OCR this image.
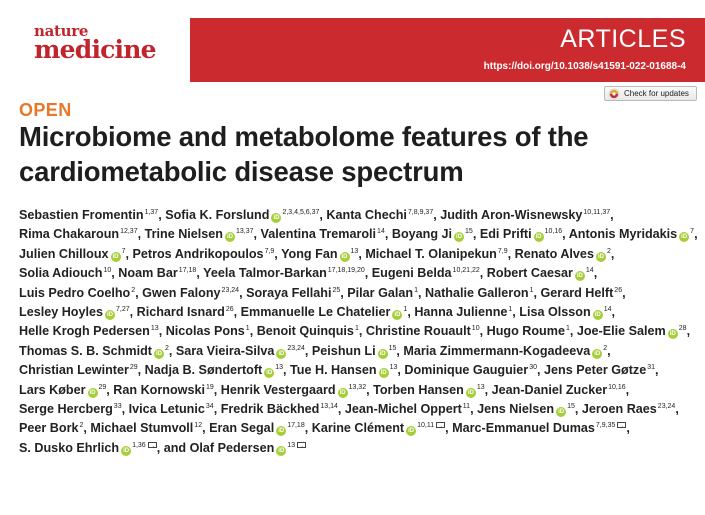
nature
medicine	ARTICLES
https://doi.org/10.1038/s41591-022-01688-4
Check for updates
OPEN
Microbiome and metabolome features of the cardiometabolic disease spectrum
Sebastien Fromentin$^{1,37}$, Sofia K. Forslund iD$^{2,3,4,5,6,37}$, Kanta Chechi$^{7,8,9,37}$, Judith Aron-Wisnewsky$^{10,11,37}$, Rima Chakaroun$^{12,37}$, Trine Nielsen iD$^{13,37}$, Valentina Tremaroli$^{14}$, Boyang Ji $iD^{15}$, Edi Prifti iD$^{10,16}$, Antonis Myridakis $iD^7$, Julien Chilloux $iD^7$, Petros Andrikopoulos$^{7,9}$, Yong Fan $iD^{13}$, Michael T. Olanipekun$^{7,9}$, Renato Alves $iD^2$, Solia Adiouch$^{10}$, Noam Bar$^{17,18}$, Yeela Talmor-Barkan$^{17,18,19,20}$, Eugeni Belda$^{10,21,22}$, Robert Caesar $iD^{14}$, Luis Pedro Coelho$^2$, Gwen Falony$^{23,24}$, Soraya Fellahi$^{25}$, Pilar Galan$^1$, Nathalie Galleron$^1$, Gerard Helft$^{26}$, Lesley Hoyles iD$^{7,27}$, Richard Isnard$^{26}$, Emmanuelle Le Chatelier $iD^1$, Hanna Julienne$^1$, Lisa Olsson $iD^{14}$, Helle Krogh Pedersen$^{13}$, Nicolas Pons$^1$, Benoit Quinquis$^1$, Christine Rouault$^{10}$, Hugo Roume$^1$, Joe-Elie Salem $iD^{28}$, Thomas S. B. Schmidt $iD^2$, Sara Vieira-Silva iD$^{23,24}$, Peishun Li $iD^{15}$, Maria Zimmermann-Kogadeeva $iD^2$, Christian Lewinter$^{29}$, Nadja B. Søndertoft $iD^{13}$, Tue H. Hansen $iD^{13}$, Dominique Gauguier$^{30}$, Jens Peter Gøtze$^{31}$, Lars Køber $iD^{29}$, Ran Kornowski$^{19}$, Henrik Vestergaard iD$^{13,32}$, Torben Hansen $iD^{13}$, Jean-Daniel Zucker$^{10,16}$, Serge Hercberg$^{33}$, Ivica Letunic$^{34}$, Fredrik Bäckhed$^{13,14}$, Jean-Michel Oppert$^{11}$, Jens Nielsen $iD^{15}$, Jeroen Raes$^{23,24}$, Peer Bork$^2$, Michael Stumvoll$^{12}$, Eran Segal iD$^{17,18}$, Karine Clément iD$^{10,11}$ , Marc-Emmanuel Dumas$^{7,9,35}$ , S. Dusko Ehrlich iD$^{1,36}$ , and Olaf Pedersen $iD^{13}$
